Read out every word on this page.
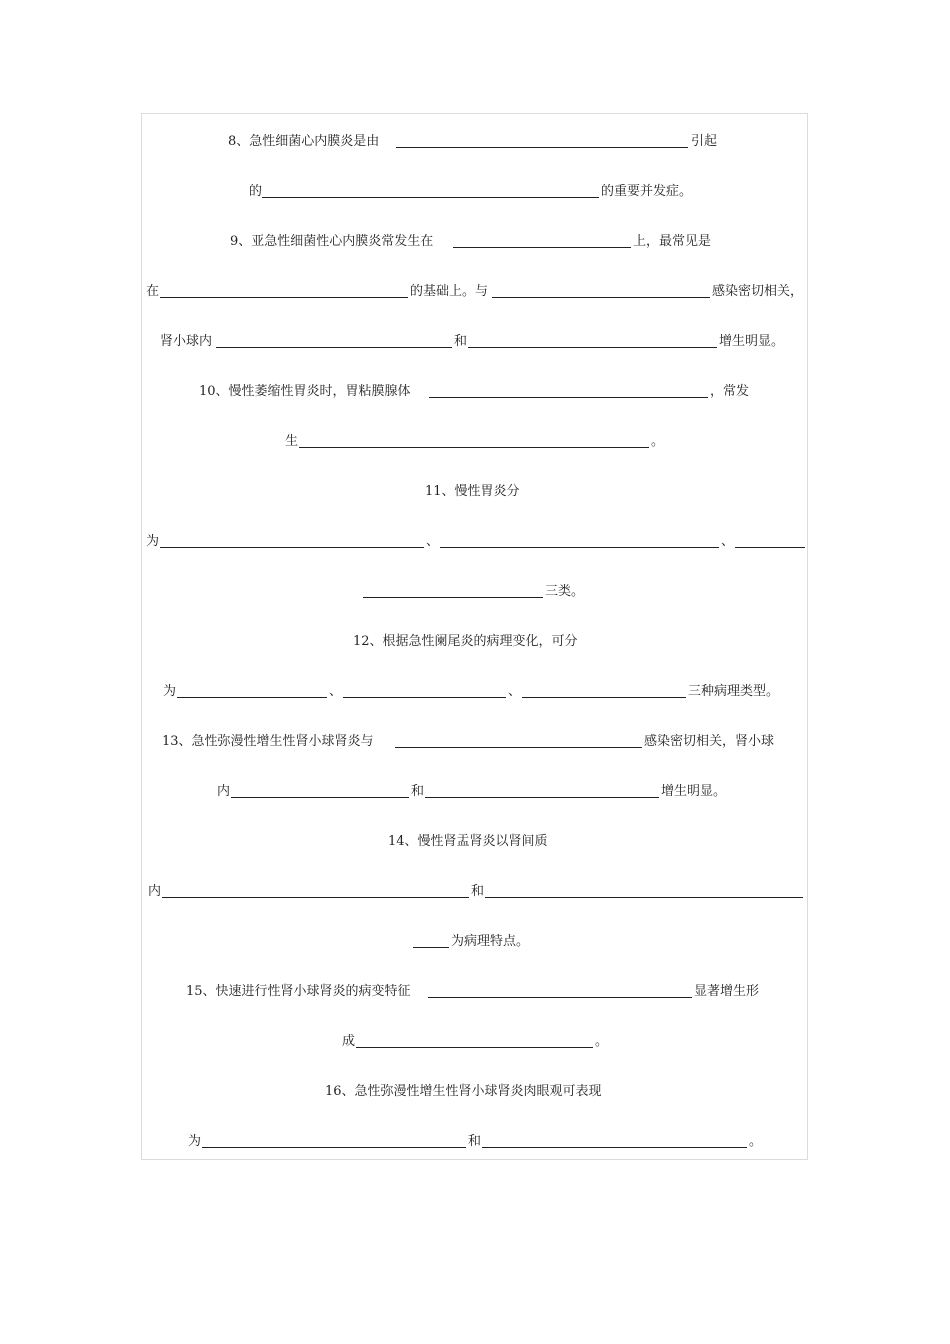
8、急性细菌心内膜炎是由	引起
的	的重要并发症。
9、亚急性细菌性心内膜炎常发生在	上，最常见是
在	的基础上。与	感染密切相关，
肾小球内	和	增生明显。
10、慢性萎缩性胃炎时，胃粘膜腺体	，常发
生	。
11、慢性胃炎分
为	、	、
三类。
12、根据急性阑尾炎的病理变化，可分
为	、	、	三种病理类型。
13、急性弥漫性增生性肾小球肾炎与	感染密切相关，肾小球
内	和	增生明显。
14、慢性肾盂肾炎以肾间质
内	和
为病理特点。
15、快速进行性肾小球肾炎的病变特征	显著增生形
成	。
16、急性弥漫性增生性肾小球肾炎肉眼观可表现
为	和	。
